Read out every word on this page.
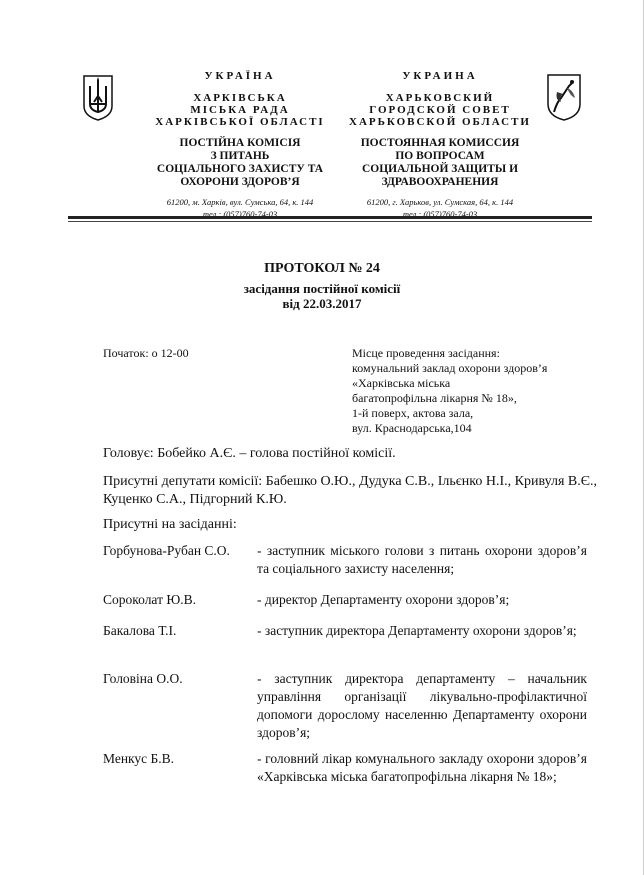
УКРАЇНА
ХАРКІВСЬКА
МІСЬКА РАДА
ХАРКІВСЬКОЇ ОБЛАСТІ
ПОСТІЙНА КОМІСІЯ
З ПИТАНЬ
СОЦІАЛЬНОГО ЗАХИСТУ ТА
ОХОРОНИ ЗДОРОВ’Я
УКРАИНА
ХАРЬКОВСКИЙ
ГОРОДСКОЙ СОВЕТ
ХАРЬКОВСКОЙ ОБЛАСТИ
ПОСТОЯННАЯ КОМИССИЯ
ПО ВОПРОСАМ
СОЦИАЛЬНОЙ ЗАЩИТЫ И
ЗДРАВООХРАНЕНИЯ
61200, м. Харків, вул. Сумська, 64, к. 144
тел.: (057)760-74-03
61200, г. Харьков, ул. Сумская, 64, к. 144
тел.: (057)760-74-03
ПРОТОКОЛ № 24
засідання постійної комісії
від 22.03.2017
Початок: о 12-00	Місце проведення засідання:
комунальний заклад охорони здоров’я
«Харківська міська
багатопрофільна лікарня № 18»,
1-й поверх, актова зала,
вул. Краснодарська,104
Головує: Бобейко А.Є. – голова постійної комісії.
Присутні депутати комісії: Бабешко О.Ю., Дудука С.В., Ільєнко Н.І., Кривуля В.Є., Куценко С.А., Підгорний К.Ю.
Присутні на засіданні:
Горбунова-Рубан С.О. - заступник міського голови з питань охорони здоров’я та соціального захисту населення;
Сороколат Ю.В.	- директор Департаменту охорони здоров’я;
Бакалова Т.І.	- заступник директора Департаменту охорони здоров’я;
Головіна О.О.	- заступник директора департаменту – начальник управління організації лікувально-профілактичної допомоги дорослому населенню Департаменту охорони здоров’я;
Менкус Б.В.	- головний лікар комунального закладу охорони здоров’я «Харківська міська багатопрофільна лікарня № 18»;
